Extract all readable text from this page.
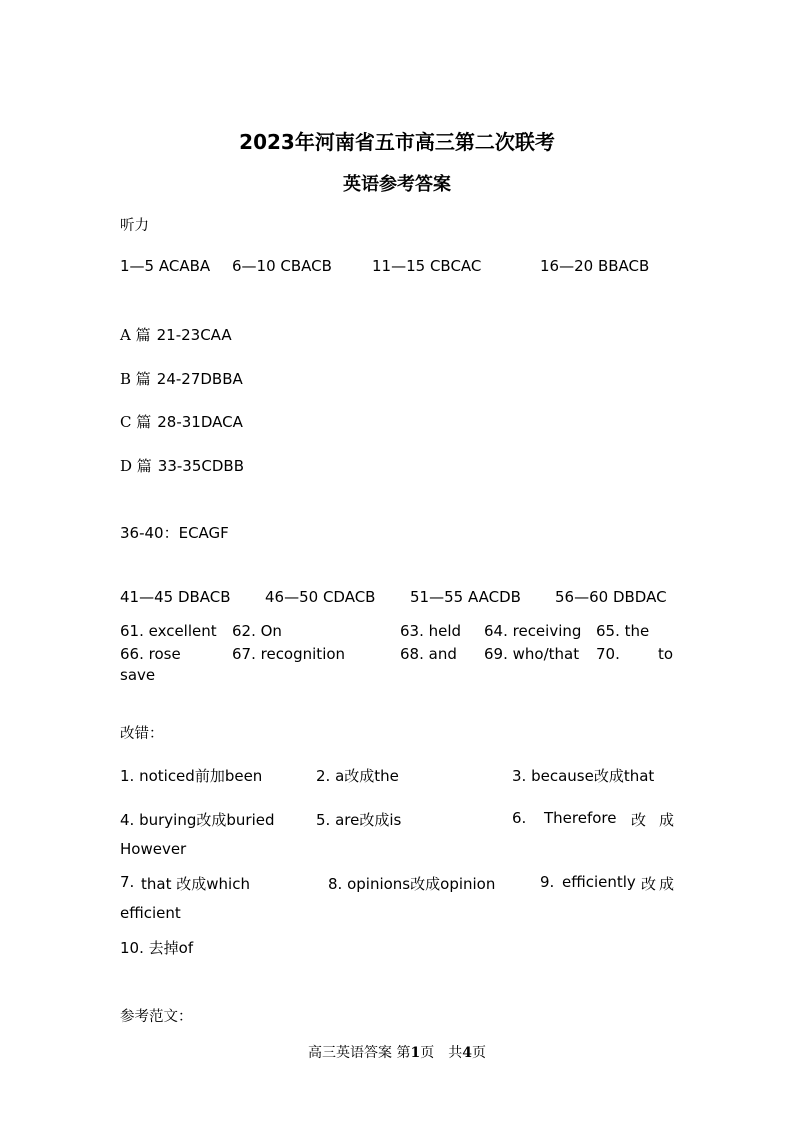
2023年河南省五市高三第二次联考
英语参考答案
听力
1—5 ACABA 6—10 CBACB	11—15 CBCAC	16—20 BBACB
A 篇 21-23CAA
B 篇 24-27DBBA
C 篇 28-31DACA
D 篇 33-35CDBB
36-40：ECAGF
41—45 DBACB 46—50 CDACB 51—55 AACDB 56—60 DBDAC
61. excellent 62. On	63. held 64. receiving 65. the
66. rose	67. recognition	68. and 69. who/that 70.	to
save
改错：
1. noticed前加been	2. a改成the	3. because改成that
4. burying改成buried	5. are改成is	6. Therefore 改 成
However
7. that 改成which	8. opinions改成opinion	9. efficiently 改 成
efficient
10. 去掉of
参考范文：
高三英语答案 第1页　共4页
